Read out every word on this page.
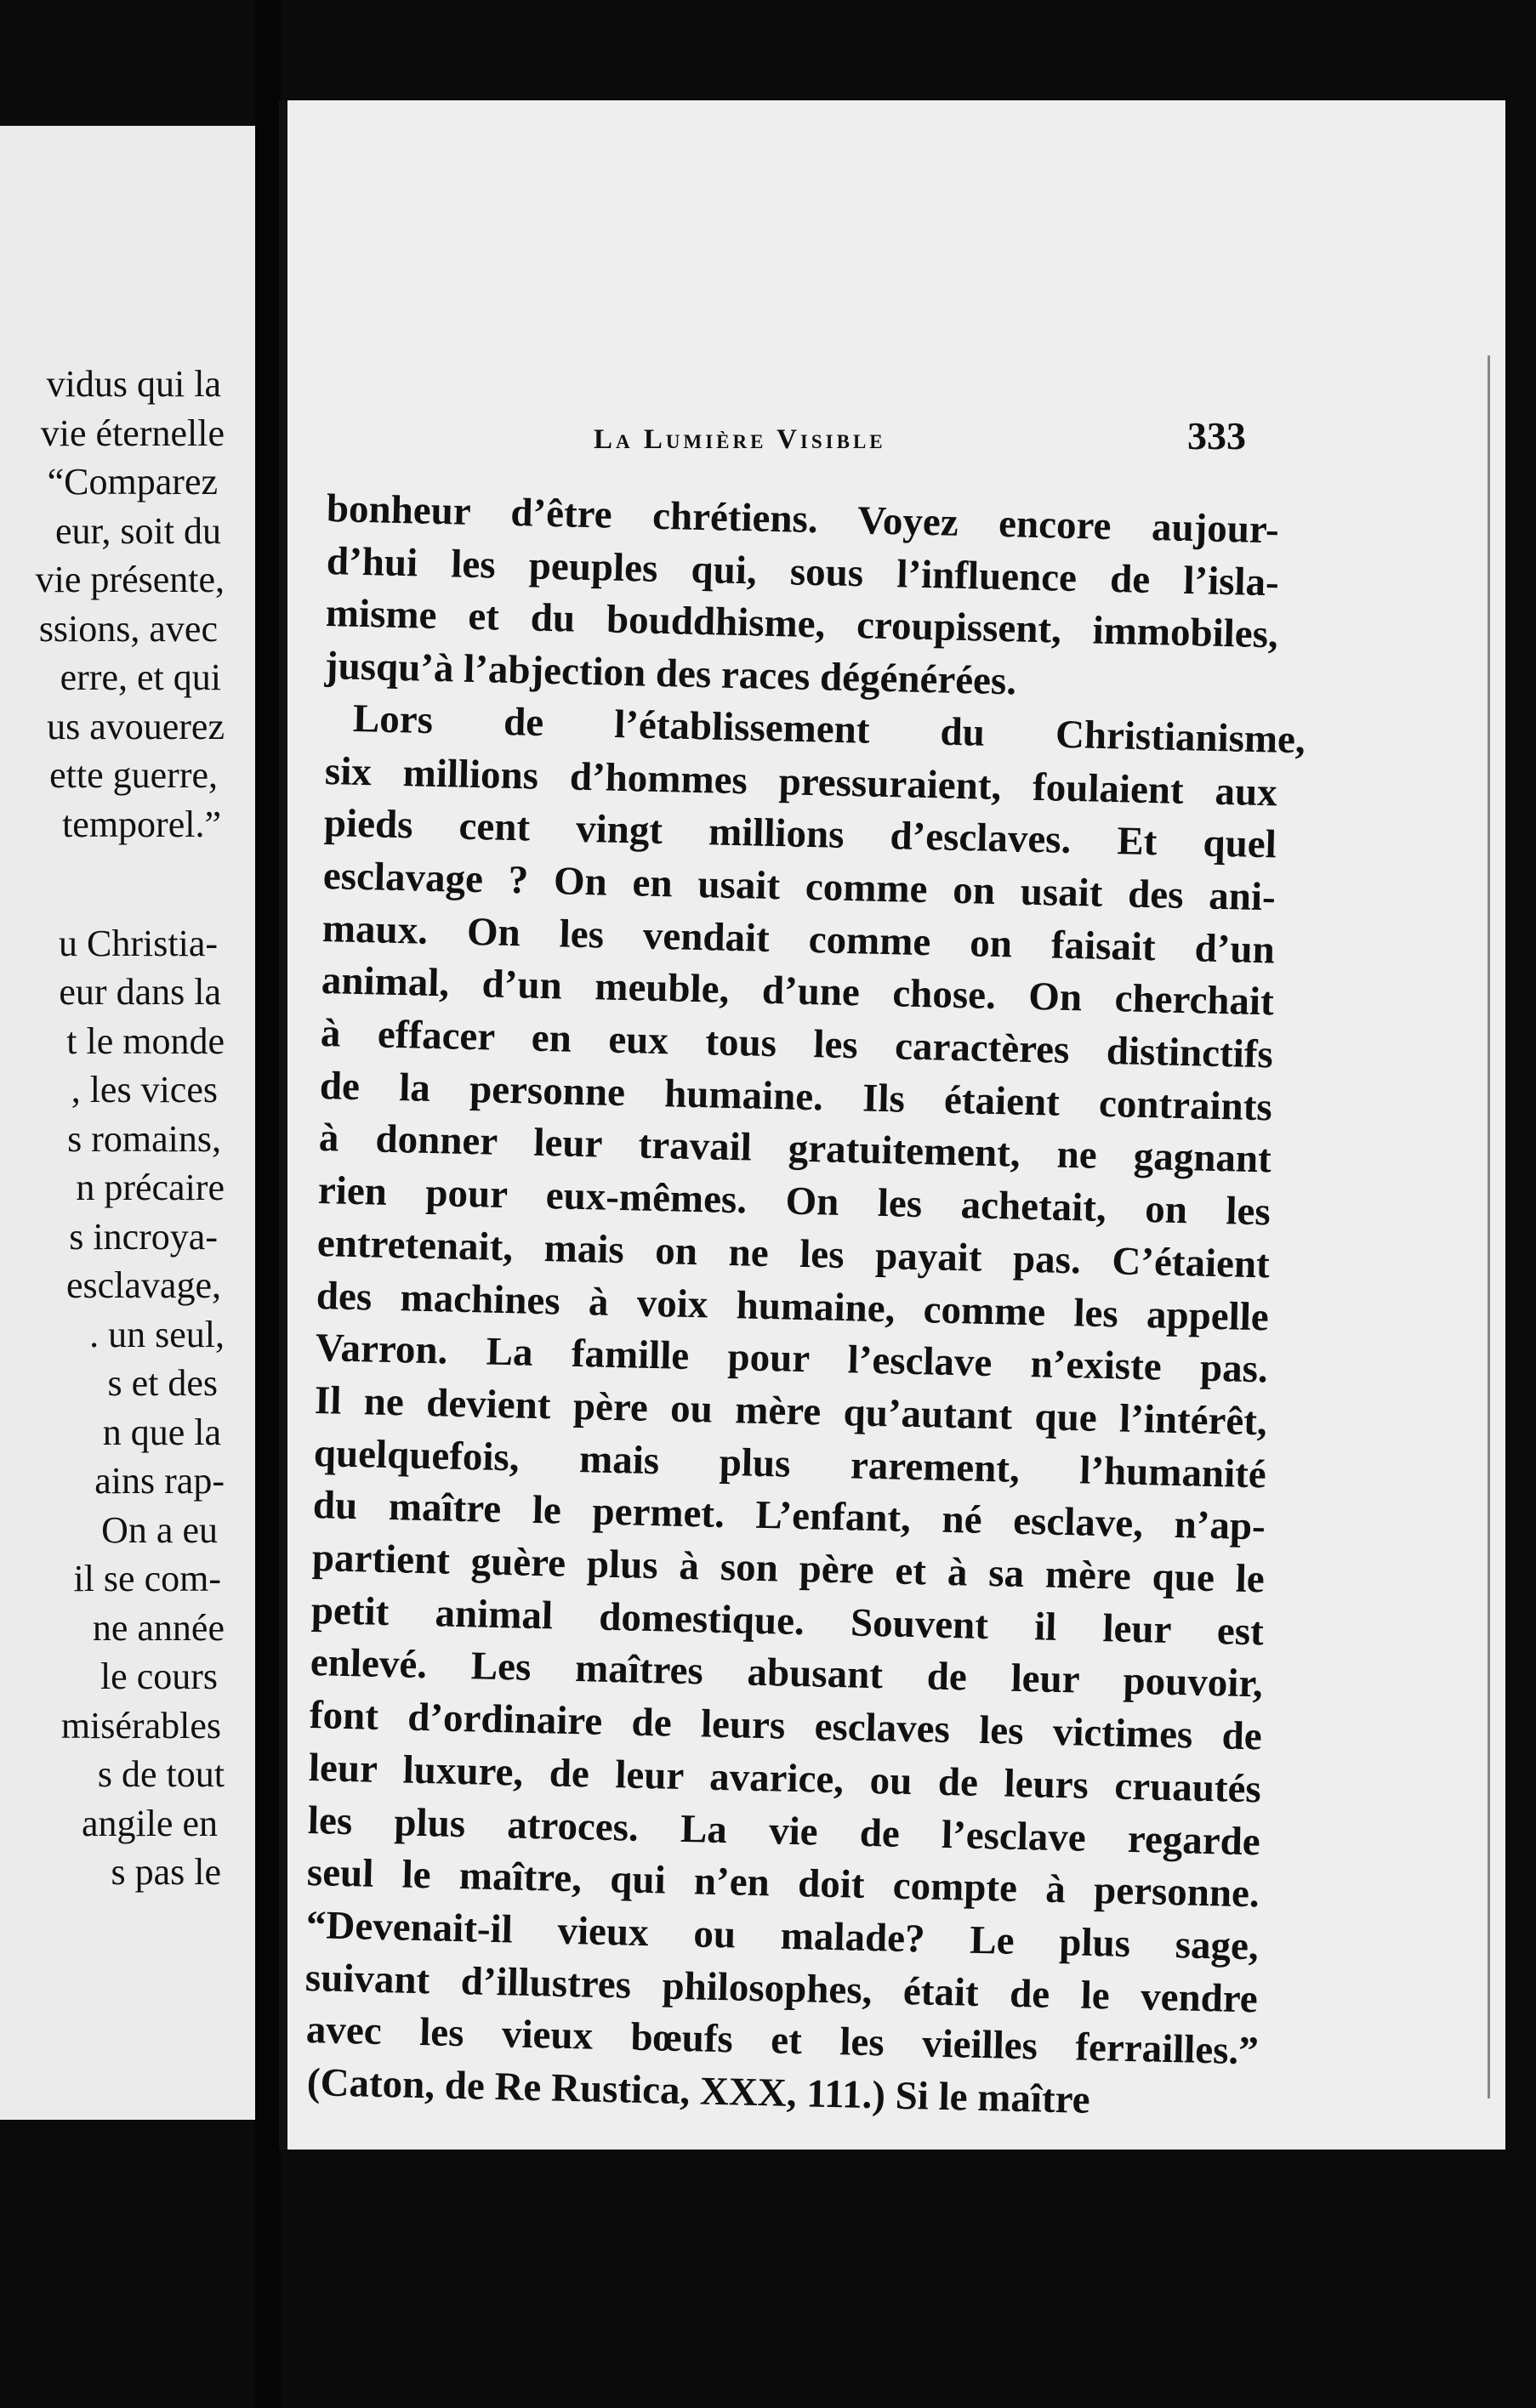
vidus qui la
vie éternelle
“Comparez
eur, soit du
vie présente,
ssions, avec
erre, et qui
us avouerez
ette guerre,
temporel.”
u Christia-
eur dans la
t le monde
, les vices
s romains,
n précaire
s incroya-
esclavage,
. un seul,
s et des
n que la
ains rap-
On a eu
il se com-
ne année
le cours
misérables
s de tout
angile en
s pas le
La Lumière Visible	333
bonheur d’être chrétiens. Voyez encore aujour-
d’hui les peuples qui, sous l’influence de l’isla-
misme et du bouddhisme, croupissent, immobiles,
jusqu’à l’abjection des races dégénérées.
Lors de l’établissement du Christianisme,
six millions d’hommes pressuraient, foulaient aux
pieds cent vingt millions d’esclaves. Et quel
esclavage ? On en usait comme on usait des ani-
maux. On les vendait comme on faisait d’un
animal, d’un meuble, d’une chose. On cherchait
à effacer en eux tous les caractères distinctifs
de la personne humaine. Ils étaient contraints
à donner leur travail gratuitement, ne gagnant
rien pour eux-mêmes. On les achetait, on les
entretenait, mais on ne les payait pas. C’étaient
des machines à voix humaine, comme les appelle
Varron. La famille pour l’esclave n’existe pas.
Il ne devient père ou mère qu’autant que l’intérêt,
quelquefois, mais plus rarement, l’humanité
du maître le permet. L’enfant, né esclave, n’ap-
partient guère plus à son père et à sa mère que le
petit animal domestique. Souvent il leur est
enlevé. Les maîtres abusant de leur pouvoir,
font d’ordinaire de leurs esclaves les victimes de
leur luxure, de leur avarice, ou de leurs cruautés
les plus atroces. La vie de l’esclave regarde
seul le maître, qui n’en doit compte à personne.
“Devenait-il vieux ou malade? Le plus sage,
suivant d’illustres philosophes, était de le vendre
avec les vieux bœufs et les vieilles ferrailles.”
(Caton, de Re Rustica, XXX, 111.) Si le maître
